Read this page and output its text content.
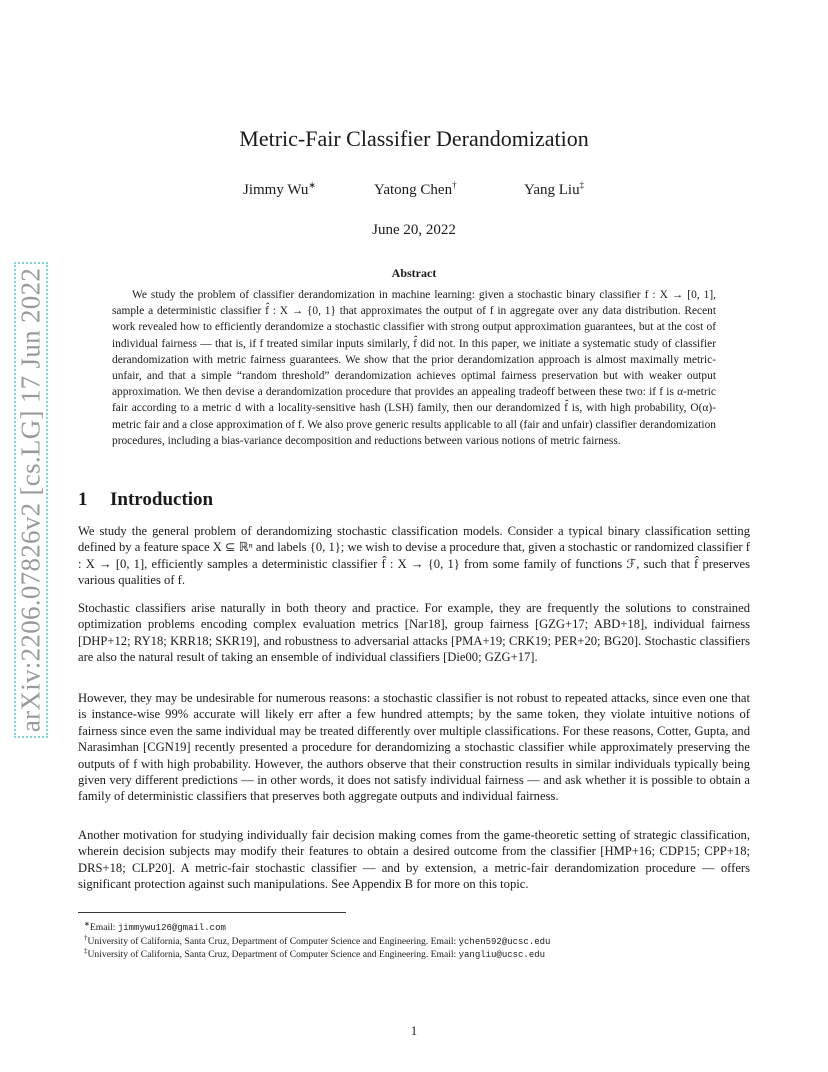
arXiv:2206.07826v2 [cs.LG] 17 Jun 2022
Metric-Fair Classifier Derandomization
Jimmy Wu∗	Yatong Chen†	Yang Liu‡
June 20, 2022
Abstract
We study the problem of classifier derandomization in machine learning: given a stochastic binary classifier f : X → [0, 1], sample a deterministic classifier f̂ : X → {0, 1} that approximates the output of f in aggregate over any data distribution. Recent work revealed how to efficiently derandomize a stochastic classifier with strong output approximation guarantees, but at the cost of individual fairness — that is, if f treated similar inputs similarly, f̂ did not. In this paper, we initiate a systematic study of classifier derandomization with metric fairness guarantees. We show that the prior derandomization approach is almost maximally metric-unfair, and that a simple “random threshold” derandomization achieves optimal fairness preservation but with weaker output approximation. We then devise a derandomization procedure that provides an appealing tradeoff between these two: if f is α-metric fair according to a metric d with a locality-sensitive hash (LSH) family, then our derandomized f̂ is, with high probability, O(α)-metric fair and a close approximation of f. We also prove generic results applicable to all (fair and unfair) classifier derandomization procedures, including a bias-variance decomposition and reductions between various notions of metric fairness.
1 Introduction
We study the general problem of derandomizing stochastic classification models. Consider a typical binary classification setting defined by a feature space X ⊆ ℝⁿ and labels {0, 1}; we wish to devise a procedure that, given a stochastic or randomized classifier f : X → [0, 1], efficiently samples a deterministic classifier f̂ : X → {0, 1} from some family of functions ℱ, such that f̂ preserves various qualities of f.
Stochastic classifiers arise naturally in both theory and practice. For example, they are frequently the solutions to constrained optimization problems encoding complex evaluation metrics [Nar18], group fairness [GZG+17; ABD+18], individual fairness [DHP+12; RY18; KRR18; SKR19], and robustness to adversarial attacks [PMA+19; CRK19; PER+20; BG20]. Stochastic classifiers are also the natural result of taking an ensemble of individual classifiers [Die00; GZG+17].
However, they may be undesirable for numerous reasons: a stochastic classifier is not robust to repeated attacks, since even one that is instance-wise 99% accurate will likely err after a few hundred attempts; by the same token, they violate intuitive notions of fairness since even the same individual may be treated differently over multiple classifications. For these reasons, Cotter, Gupta, and Narasimhan [CGN19] recently presented a procedure for derandomizing a stochastic classifier while approximately preserving the outputs of f with high probability. However, the authors observe that their construction results in similar individuals typically being given very different predictions — in other words, it does not satisfy individual fairness — and ask whether it is possible to obtain a family of deterministic classifiers that preserves both aggregate outputs and individual fairness.
Another motivation for studying individually fair decision making comes from the game-theoretic setting of strategic classification, wherein decision subjects may modify their features to obtain a desired outcome from the classifier [HMP+16; CDP15; CPP+18; DRS+18; CLP20]. A metric-fair stochastic classifier — and by extension, a metric-fair derandomization procedure — offers significant protection against such manipulations. See Appendix B for more on this topic.
∗Email: jimmywu126@gmail.com
†University of California, Santa Cruz, Department of Computer Science and Engineering. Email: ychen592@ucsc.edu
‡University of California, Santa Cruz, Department of Computer Science and Engineering. Email: yangliu@ucsc.edu
1
